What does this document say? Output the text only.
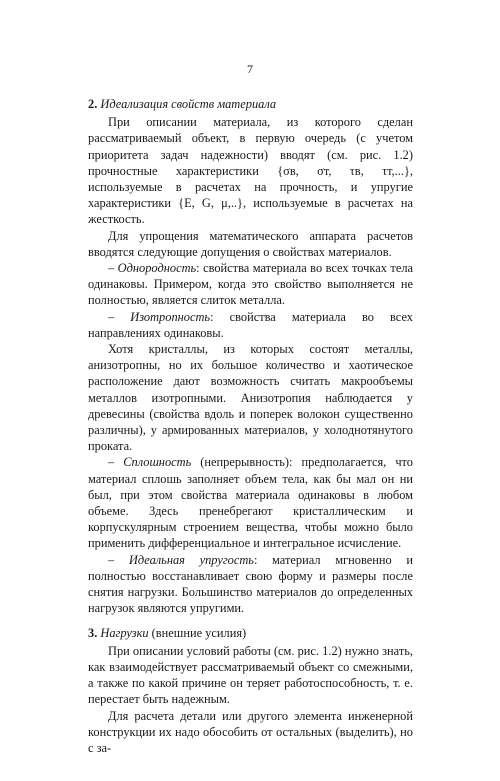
7
2. Идеализация свойств материала

При описании материала, из которого сделан рассматриваемый объект, в первую очередь (с учетом приоритета задач надежности) вводят (см. рис. 1.2) прочностные характеристики {σв, σт, τв, τт,...}, используемые в расчетах на прочность, и упругие характеристики {E, G, μ,..}, используемые в расчетах на жесткость.

Для упрощения математического аппарата расчетов вводятся следующие допущения о свойствах материалов.

– Однородность: свойства материала во всех точках тела одинаковы. Примером, когда это свойство выполняется не полностью, является слиток металла.

– Изотропность: свойства материала во всех направлениях одинаковы.

Хотя кристаллы, из которых состоят металлы, анизотропны, но их большое количество и хаотическое расположение дают возможность считать макрообъемы металлов изотропными. Анизотропия наблюдается у древесины (свойства вдоль и поперек волокон существенно различны), у армированных материалов, у холоднотянутого проката.

– Сплошность (непрерывность): предполагается, что материал сплошь заполняет объем тела, как бы мал он ни был, при этом свойства материала одинаковы в любом объеме. Здесь пренебрегают кристаллическим и корпускулярным строением вещества, чтобы можно было применить дифференциальное и интегральное исчисление.

– Идеальная упругость: материал мгновенно и полностью восстанавливает свою форму и размеры после снятия нагрузки. Большинство материалов до определенных нагрузок являются упругими.

3. Нагрузки (внешние усилия)

При описании условий работы (см. рис. 1.2) нужно знать, как взаимодействует рассматриваемый объект со смежными, а также по какой причине он теряет работоспособность, т. е. перестает быть надежным.

Для расчета детали или другого элемента инженерной конструкции их надо обособить от остальных (выделить), но с за-
